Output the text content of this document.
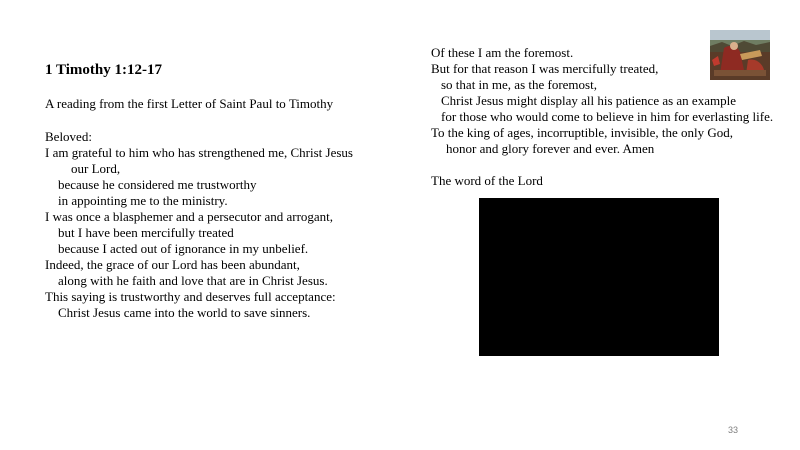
1 Timothy 1:12-17
A reading from the first Letter of Saint Paul to Timothy
Beloved:
I am grateful to him who has strengthened me, Christ Jesus
our Lord,
because he considered me trustworthy
in appointing me to the ministry.
I was once a blasphemer and a persecutor and arrogant,
but I have been mercifully treated
because I acted out of ignorance in my unbelief.
Indeed, the grace of our Lord has been abundant,
along with he faith and love that are in Christ Jesus.
This saying is trustworthy and deserves full acceptance:
Christ Jesus came into the world to save sinners.
Of these I am the foremost.
But for that reason I was mercifully treated,
so that in me, as the foremost,
Christ Jesus might display all his patience as an example
for those who would come to believe in him for everlasting life.
To the king of ages, incorruptible, invisible, the only God,
honor and glory forever and ever. Amen
The word of the Lord
33
